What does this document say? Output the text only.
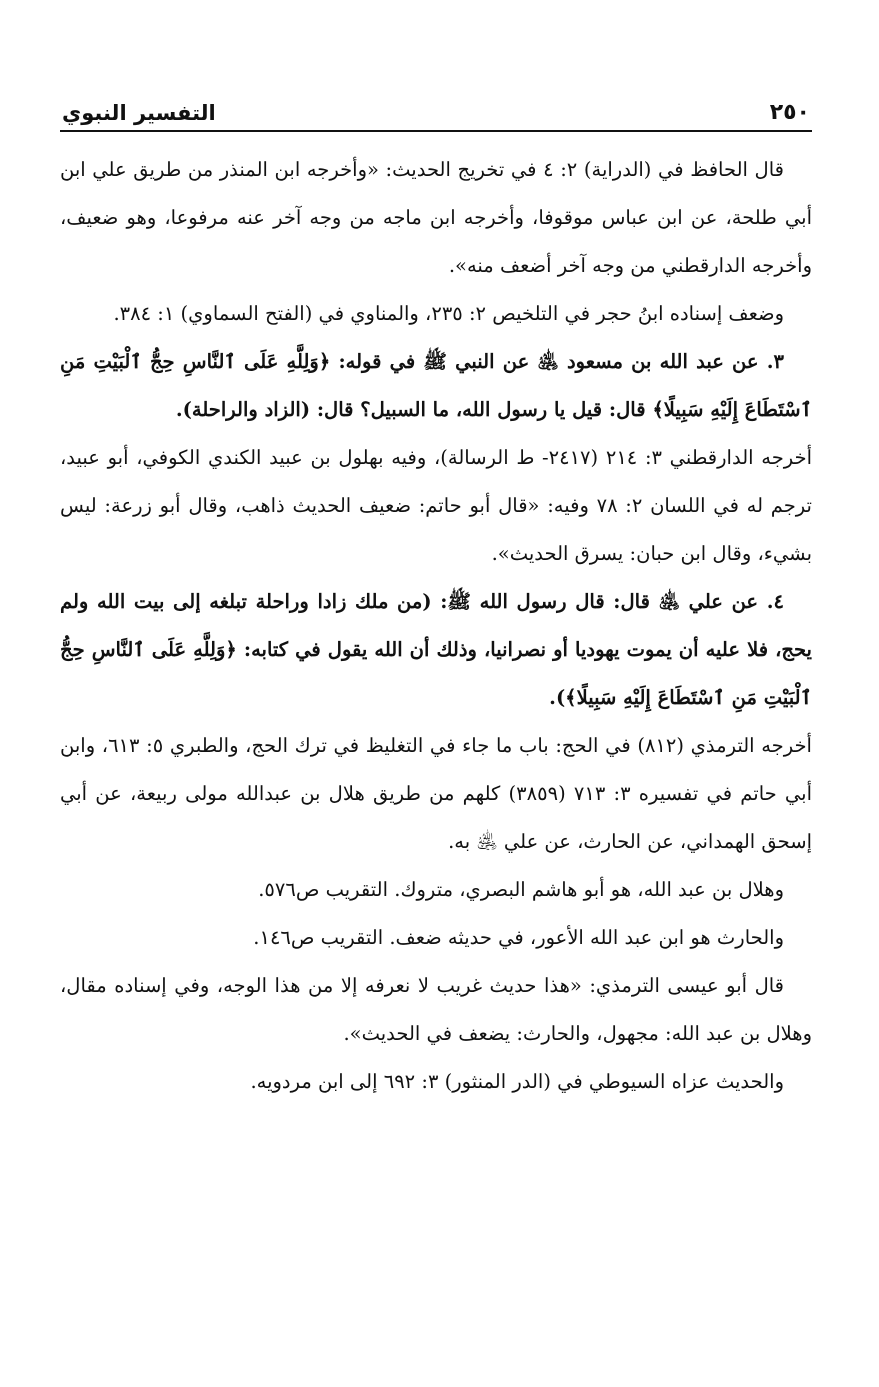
٢٥٠
التفسير النبوي

قال الحافظ في (الدراية) ٢: ٤ في تخريج الحديث: «وأخرجه ابن المنذر من طريق علي ابن أبي طلحة، عن ابن عباس موقوفا، وأخرجه ابن ماجه من وجه آخر عنه مرفوعا، وهو ضعيف، وأخرجه الدارقطني من وجه آخر أضعف منه».

وضعف إسناده ابنُ حجر في التلخيص ٢: ٢٣٥، والمناوي في (الفتح السماوي) ١: ٣٨٤.

٣. عن عبد الله بن مسعود ﵁ عن النبي ﷺ في قوله: ﴿وَلِلَّهِ عَلَى ٱلنَّاسِ حِجُّ ٱلْبَيْتِ مَنِ ٱسْتَطَاعَ إِلَيْهِ سَبِيلًا﴾ قال: قيل يا رسول الله، ما السبيل؟ قال: (الزاد والراحلة).

أخرجه الدارقطني ٣: ٢١٤ (٢٤١٧- ط الرسالة)، وفيه بهلول بن عبيد الكندي الكوفي، أبو عبيد، ترجم له في اللسان ٢: ٧٨ وفيه: «قال أبو حاتم: ضعيف الحديث ذاهب، وقال أبو زرعة: ليس بشيء، وقال ابن حبان: يسرق الحديث».

٤. عن علي ﵁ قال: قال رسول الله ﷺ: (من ملك زادا وراحلة تبلغه إلى بيت الله ولم يحج، فلا عليه أن يموت يهوديا أو نصرانيا، وذلك أن الله يقول في كتابه: ﴿وَلِلَّهِ عَلَى ٱلنَّاسِ حِجُّ ٱلْبَيْتِ مَنِ ٱسْتَطَاعَ إِلَيْهِ سَبِيلًا﴾).

أخرجه الترمذي (٨١٢) في الحج: باب ما جاء في التغليظ في ترك الحج، والطبري ٥: ٦١٣، وابن أبي حاتم في تفسيره ٣: ٧١٣ (٣٨٥٩) كلهم من طريق هلال بن عبدالله مولى ربيعة، عن أبي إسحق الهمداني، عن الحارث، عن علي ﵁ به.

وهلال بن عبد الله، هو أبو هاشم البصري، متروك. التقريب ص٥٧٦.

والحارث هو ابن عبد الله الأعور، في حديثه ضعف. التقريب ص١٤٦.

قال أبو عيسى الترمذي: «هذا حديث غريب لا نعرفه إلا من هذا الوجه، وفي إسناده مقال، وهلال بن عبد الله: مجهول، والحارث: يضعف في الحديث».

والحديث عزاه السيوطي في (الدر المنثور) ٣: ٦٩٢ إلى ابن مردويه.
